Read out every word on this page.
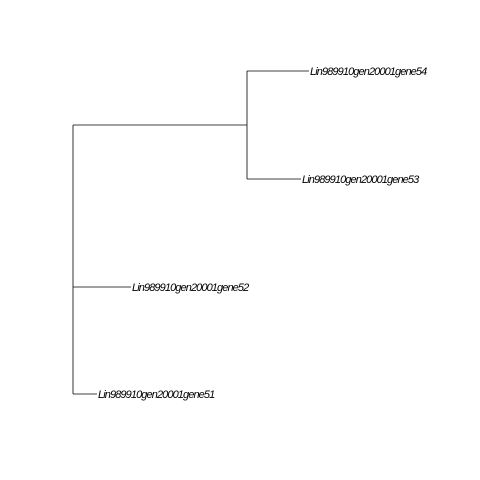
Lin989910gen20001gene54
Lin989910gen20001gene53
Lin989910gen20001gene52
Lin989910gen20001gene51
